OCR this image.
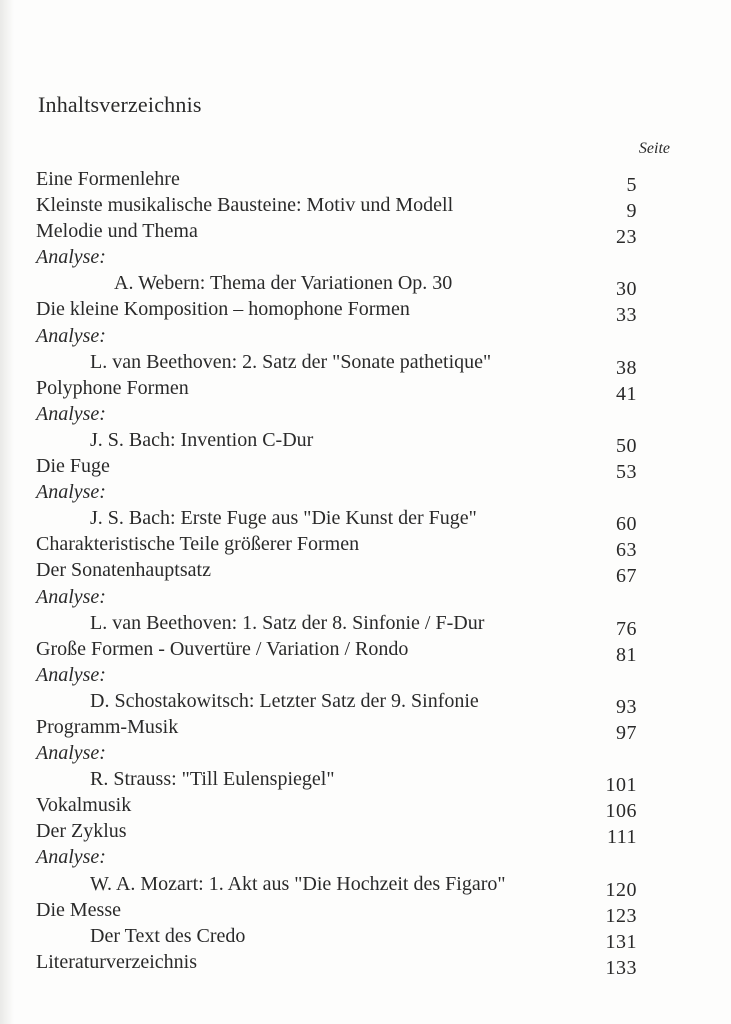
Inhaltsverzeichnis
Seite
Eine Formenlehre	5
Kleinste musikalische Bausteine: Motiv und Modell	9
Melodie und Thema	23
Analyse:
A. Webern: Thema der Variationen Op. 30	30
Die kleine Komposition – homophone Formen	33
Analyse:
L. van Beethoven: 2. Satz der "Sonate pathetique"	38
Polyphone Formen	41
Analyse:
J. S. Bach: Invention C-Dur	50
Die Fuge	53
Analyse:
J. S. Bach: Erste Fuge aus "Die Kunst der Fuge"	60
Charakteristische Teile größerer Formen	63
Der Sonatenhauptsatz	67
Analyse:
L. van Beethoven: 1. Satz der 8. Sinfonie / F-Dur	76
Große Formen - Ouvertüre / Variation / Rondo	81
Analyse:
D. Schostakowitsch: Letzter Satz der 9. Sinfonie	93
Programm-Musik	97
Analyse:
R. Strauss: "Till Eulenspiegel"	101
Vokalmusik	106
Der Zyklus	111
Analyse:
W. A. Mozart: 1. Akt aus "Die Hochzeit des Figaro"	120
Die Messe	123
Der Text des Credo	131
Literaturverzeichnis	133
